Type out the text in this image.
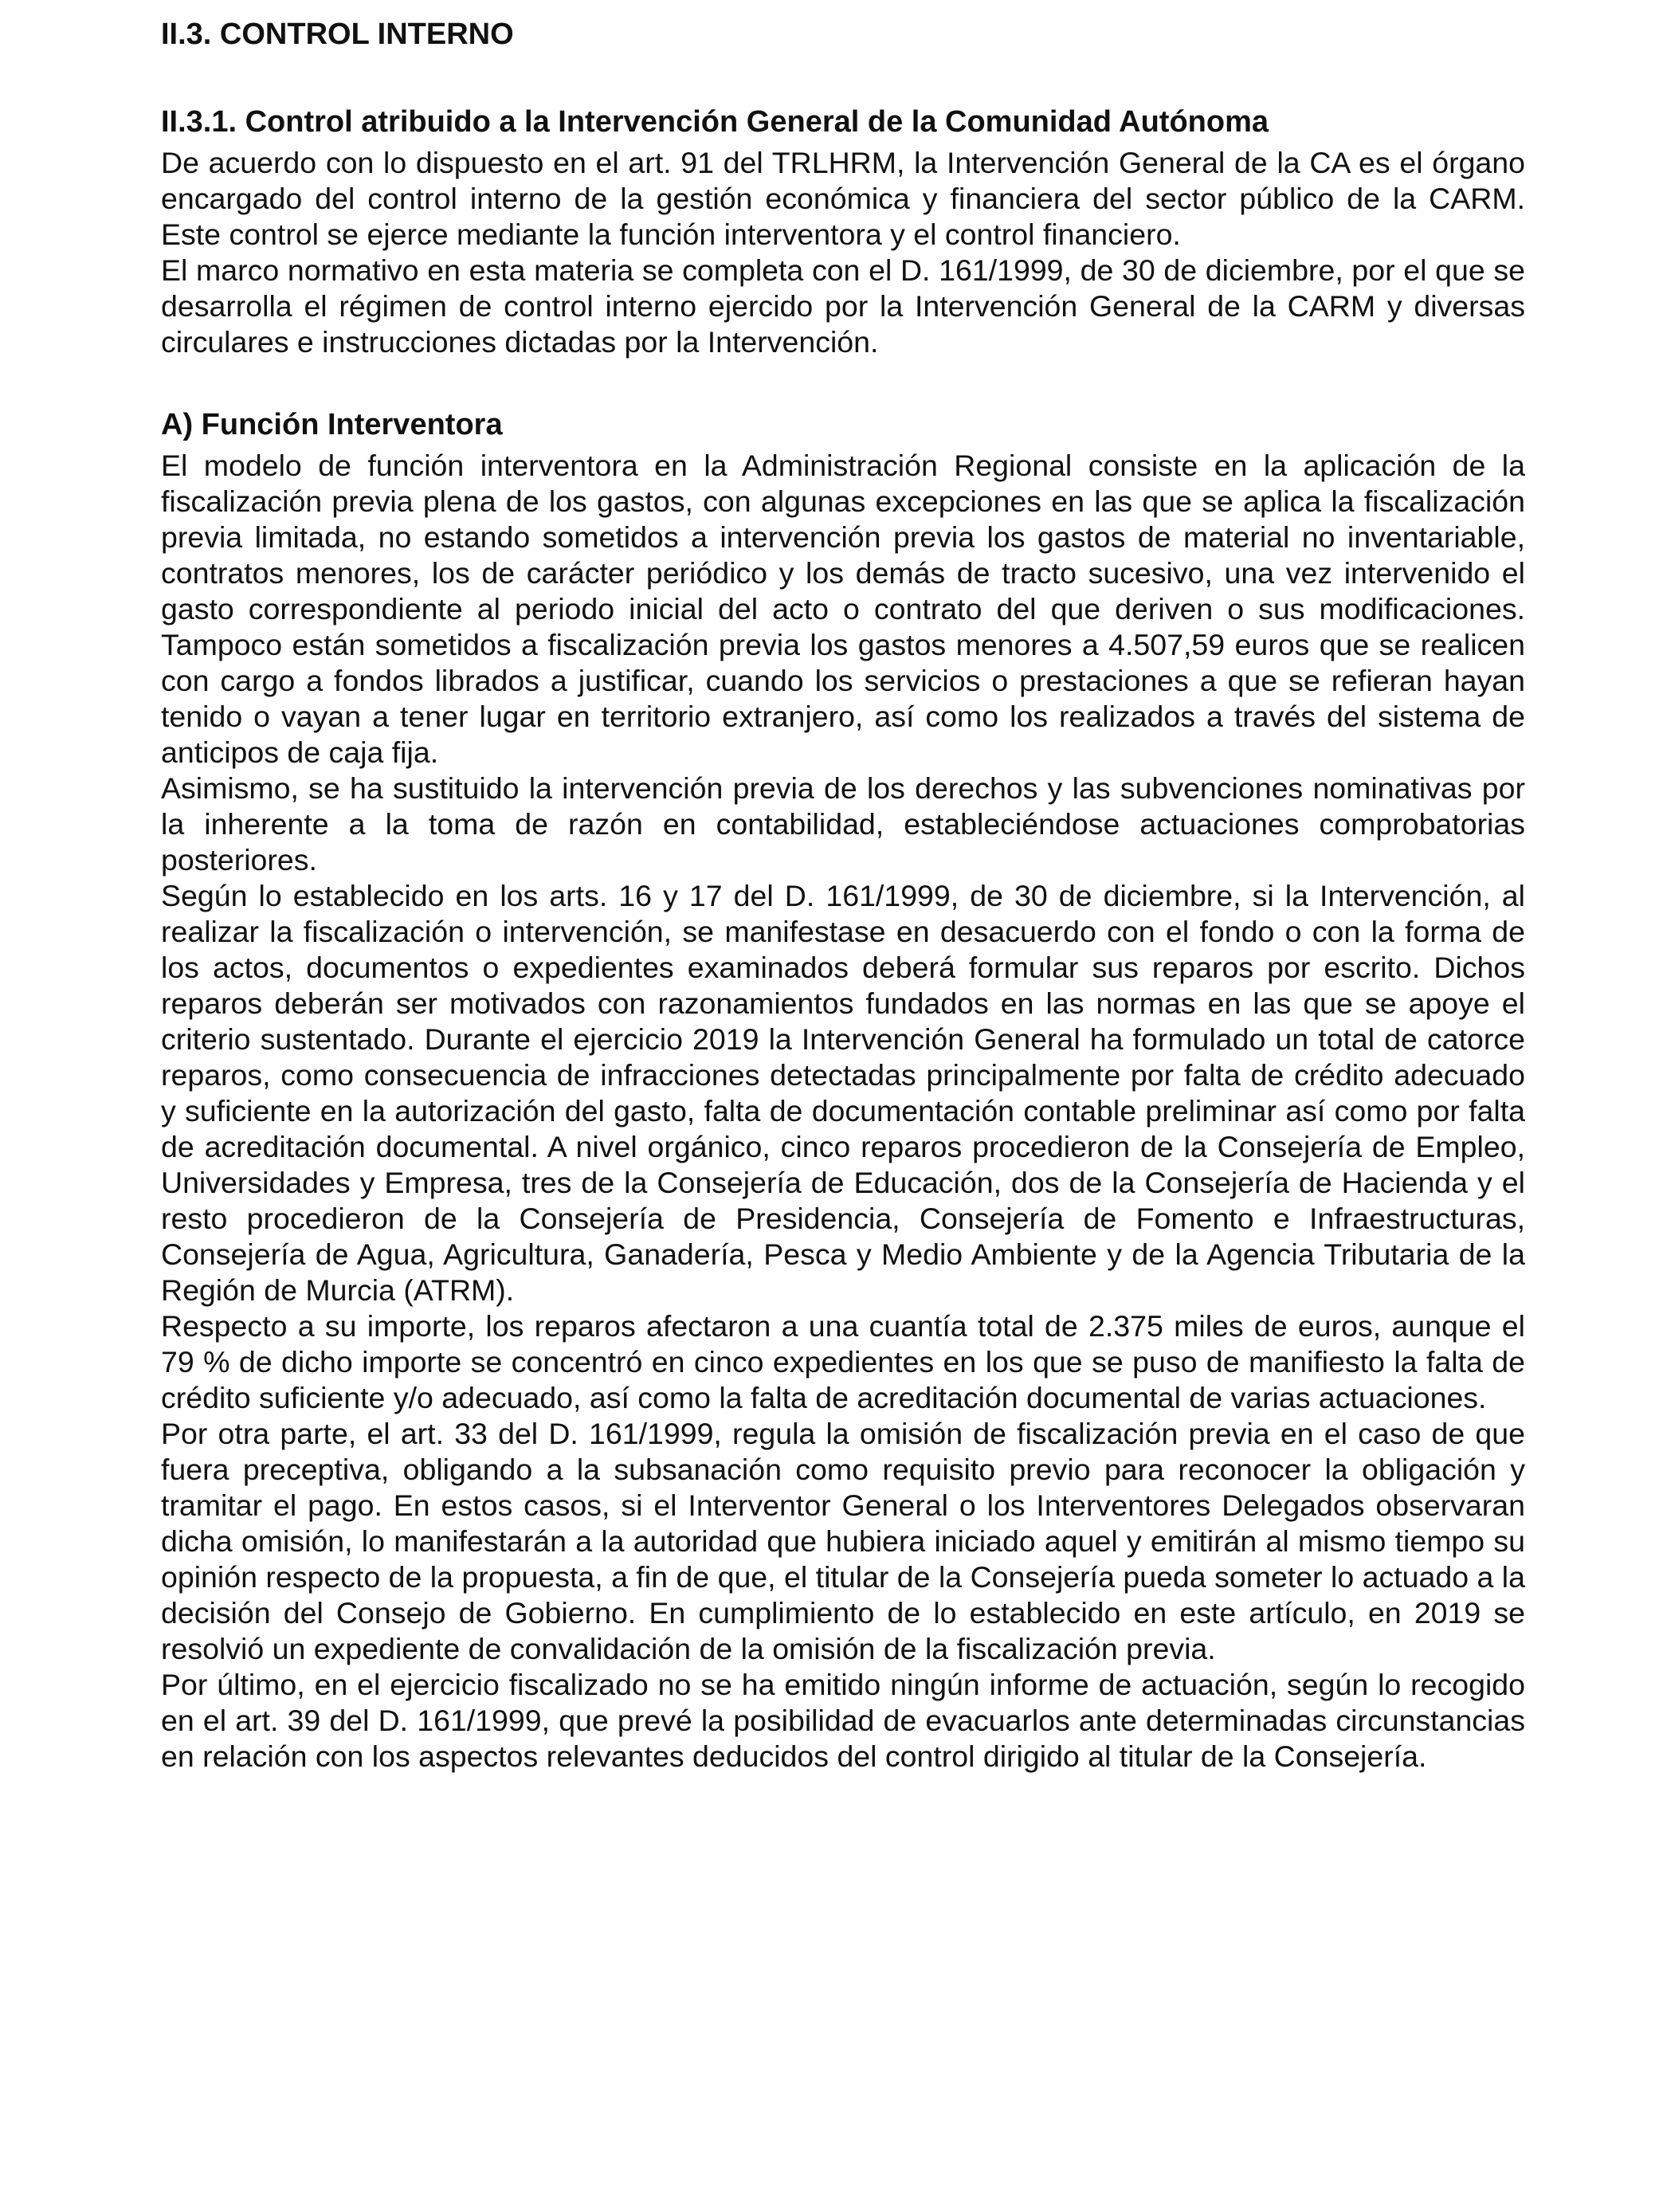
II.3. CONTROL INTERNO
II.3.1. Control atribuido a la Intervención General de la Comunidad Autónoma

De acuerdo con lo dispuesto en el art. 91 del TRLHRM, la Intervención General de la CA es el órgano encargado del control interno de la gestión económica y financiera del sector público de la CARM. Este control se ejerce mediante la función interventora y el control financiero.

El marco normativo en esta materia se completa con el D. 161/1999, de 30 de diciembre, por el que se desarrolla el régimen de control interno ejercido por la Intervención General de la CARM y diversas circulares e instrucciones dictadas por la Intervención.

A) Función Interventora

El modelo de función interventora en la Administración Regional consiste en la aplicación de la fiscalización previa plena de los gastos, con algunas excepciones en las que se aplica la fiscalización previa limitada, no estando sometidos a intervención previa los gastos de material no inventariable, contratos menores, los de carácter periódico y los demás de tracto sucesivo, una vez intervenido el gasto correspondiente al periodo inicial del acto o contrato del que deriven o sus modificaciones. Tampoco están sometidos a fiscalización previa los gastos menores a 4.507,59 euros que se realicen con cargo a fondos librados a justificar, cuando los servicios o prestaciones a que se refieran hayan tenido o vayan a tener lugar en territorio extranjero, así como los realizados a través del sistema de anticipos de caja fija.

Asimismo, se ha sustituido la intervención previa de los derechos y las subvenciones nominativas por la inherente a la toma de razón en contabilidad, estableciéndose actuaciones comprobatorias posteriores.

Según lo establecido en los arts. 16 y 17 del D. 161/1999, de 30 de diciembre, si la Intervención, al realizar la fiscalización o intervención, se manifestase en desacuerdo con el fondo o con la forma de los actos, documentos o expedientes examinados deberá formular sus reparos por escrito. Dichos reparos deberán ser motivados con razonamientos fundados en las normas en las que se apoye el criterio sustentado. Durante el ejercicio 2019 la Intervención General ha formulado un total de catorce reparos, como consecuencia de infracciones detectadas principalmente por falta de crédito adecuado y suficiente en la autorización del gasto, falta de documentación contable preliminar así como por falta de acreditación documental. A nivel orgánico, cinco reparos procedieron de la Consejería de Empleo, Universidades y Empresa, tres de la Consejería de Educación, dos de la Consejería de Hacienda y el resto procedieron de la Consejería de Presidencia, Consejería de Fomento e Infraestructuras, Consejería de Agua, Agricultura, Ganadería, Pesca y Medio Ambiente y de la Agencia Tributaria de la Región de Murcia (ATRM).

Respecto a su importe, los reparos afectaron a una cuantía total de 2.375 miles de euros, aunque el 79 % de dicho importe se concentró en cinco expedientes en los que se puso de manifiesto la falta de crédito suficiente y/o adecuado, así como la falta de acreditación documental de varias actuaciones.

Por otra parte, el art. 33 del D. 161/1999, regula la omisión de fiscalización previa en el caso de que fuera preceptiva, obligando a la subsanación como requisito previo para reconocer la obligación y tramitar el pago. En estos casos, si el Interventor General o los Interventores Delegados observaran dicha omisión, lo manifestarán a la autoridad que hubiera iniciado aquel y emitirán al mismo tiempo su opinión respecto de la propuesta, a fin de que, el titular de la Consejería pueda someter lo actuado a la decisión del Consejo de Gobierno. En cumplimiento de lo establecido en este artículo, en 2019 se resolvió un expediente de convalidación de la omisión de la fiscalización previa.

Por último, en el ejercicio fiscalizado no se ha emitido ningún informe de actuación, según lo recogido en el art. 39 del D. 161/1999, que prevé la posibilidad de evacuarlos ante determinadas circunstancias en relación con los aspectos relevantes deducidos del control dirigido al titular de la Consejería.
